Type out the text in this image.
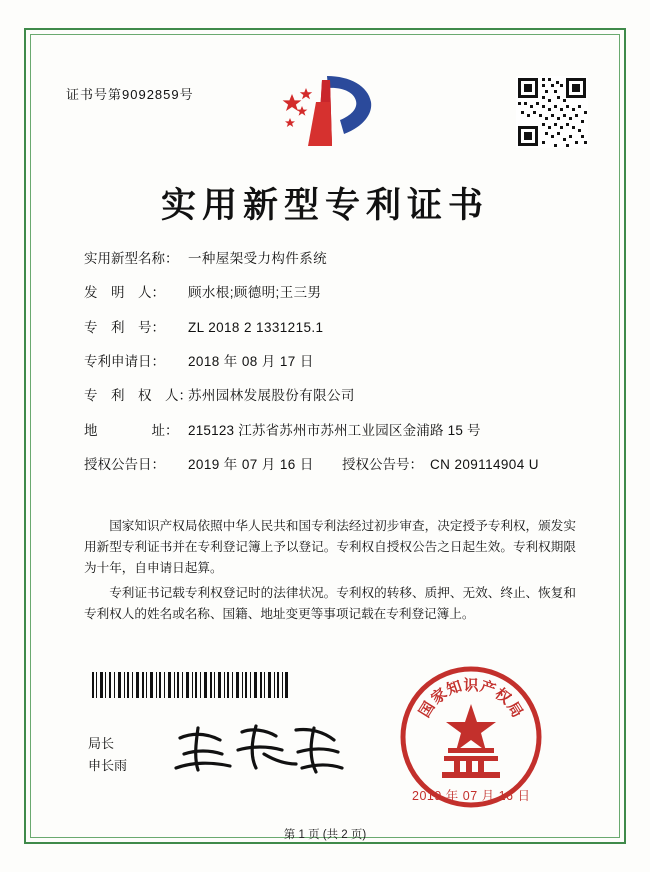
证书号第9092859号
实用新型专利证书
实用新型名称： 一种屋架受力构件系统
发　明　人：	顾水根;顾德明;王三男
专　利　号：	ZL 2018 2 1331215.1
专利申请日：	2018 年 08 月 17 日
专　利　权　人：
苏州园林发展股份有限公司
地　　　　址： 215123 江苏省苏州市苏州工业园区金浦路 15 号
授权公告日：	2019 年 07 月 16 日	授权公告号： CN 209114904 U

国家知识产权局依照中华人民共和国专利法经过初步审查，决定授予专利权，颁发实用新型专利证书并在专利登记簿上予以登记。专利权自授权公告之日起生效。专利权期限为十年，自申请日起算。

专利证书记载专利权登记时的法律状况。专利权的转移、质押、无效、终止、恢复和专利权人的姓名或名称、国籍、地址变更等事项记载在专利登记簿上。

局长
申长雨
国
家
知 识 产
权
局
2019 年 07 月 16 日
第 1 页 (共 2 页)
